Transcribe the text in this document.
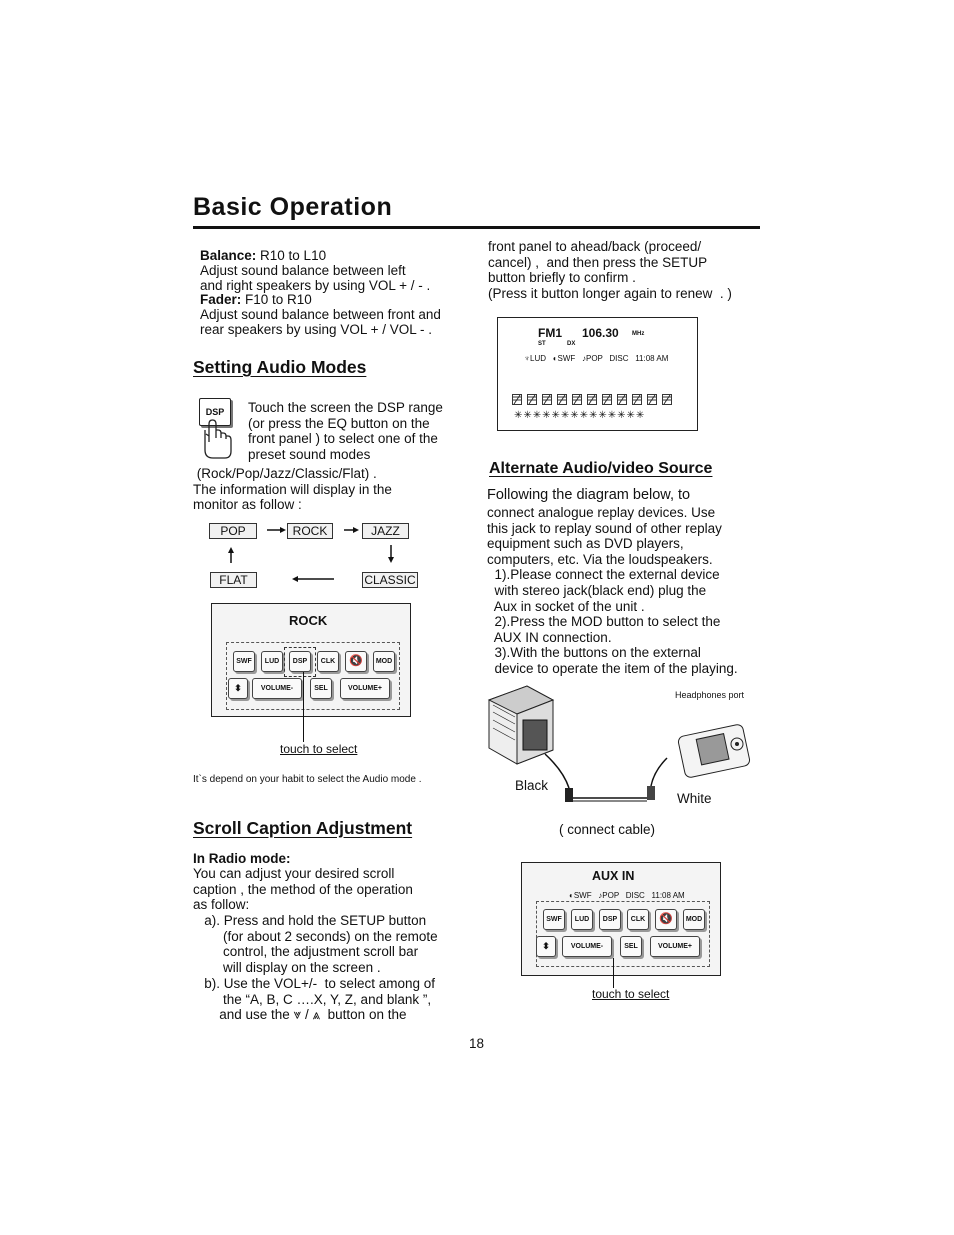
Basic Operation
Balance: R10 to L10
Adjust sound balance between left
and right speakers by using VOL + / - .
Fader: F10 to R10
Adjust sound balance between front and
rear speakers by using VOL + / VOL - .
Setting Audio Modes
DSP	Touch the screen the DSP range
(or press the EQ button on the
front panel ) to select one of the
preset sound modes
(Rock/Pop/Jazz/Classic/Flat) .
The information will display in the
monitor as follow :
POP	ROCK	JAZZ
FLAT	CLASSIC
ROCK
SWF	LUD	DSP	CLK	🔇	MOD
⬍	VOLUME-	SEL	VOLUME+
touch to select
It`s depend on your habit to select the Audio mode .
Scroll Caption Adjustment
In Radio mode:
You can adjust your desired scroll
caption , the method of the operation
as follow:
a). Press and hold the SETUP button
(for about 2 seconds) on the remote
control, the adjustment scroll bar
will display on the screen .
b). Use the VOL+/-  to select among of
the “A, B, C ….X, Y, Z, and blank ”,
and use the ⩔ / ⩓ button on the
front panel to ahead/back (proceed/
cancel) ,  and then press the SETUP
button briefly to confirm .
(Press it button longer again to renew  . )
FM1 106.30 MHz
ST	DX
♆LUD ◐SWF ♪POP DISC 11:08 AM
✳✳✳✳✳✳✳✳✳✳✳✳✳✳
Alternate Audio/video Source
Following the diagram below, to
connect analogue replay devices. Use
this jack to replay sound of other replay
equipment such as DVD players,
computers, etc. Via the loudspeakers.
1).Please connect the external device
with stereo jack(black end) plug the
Aux in socket of the unit .
2).Press the MOD button to select the
AUX IN connection.
3).With the buttons on the external
device to operate the item of the playing.
Headphones port
Black
White
( connect cable)
AUX IN
◐SWF ♪POP DISC 11:08 AM
SWF	LUD	DSP	CLK	🔇	MOD
⬍	VOLUME-	SEL	VOLUME+
touch to select
18
